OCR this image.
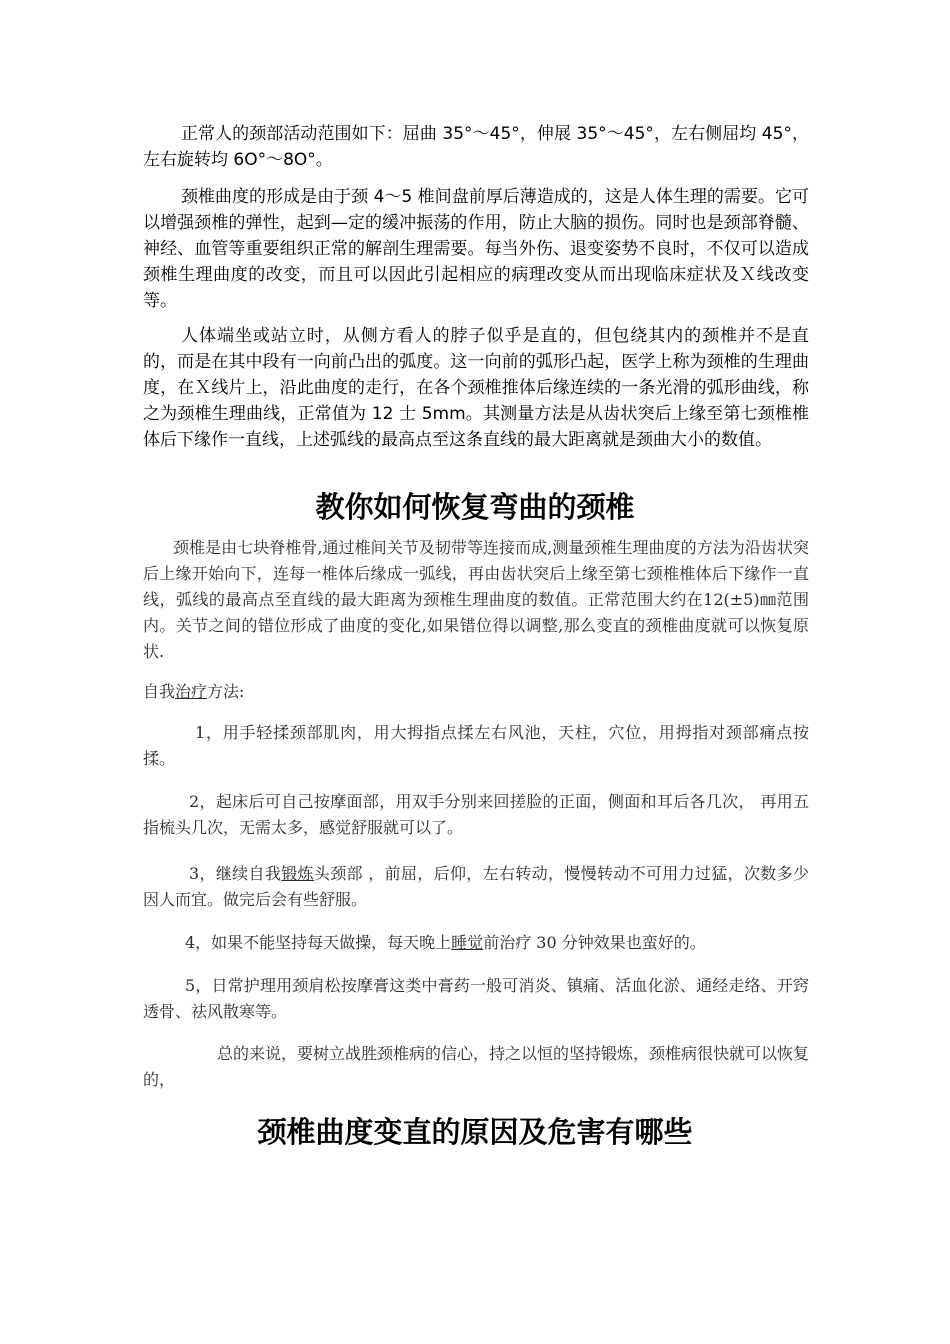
正常人的颈部活动范围如下：屈曲 35°～45°，伸展 35°～45°，左右侧屈均 45°，左右旋转均 6O°～8O°。

颈椎曲度的形成是由于颈 4～5 椎间盘前厚后薄造成的，这是人体生理的需要。它可以增强颈椎的弹性，起到—定的缓冲振荡的作用，防止大脑的损伤。同时也是颈部脊髓、神经、血管等重要组织正常的解剖生理需要。每当外伤、退变姿势不良时，不仅可以造成颈椎生理曲度的改变，而且可以因此引起相应的病理改变从而出现临床症状及Ｘ线改变等。

人体端坐或站立时，从侧方看人的脖子似乎是直的，但包绕其内的颈椎并不是直的，而是在其中段有一向前凸出的弧度。这一向前的弧形凸起，医学上称为颈椎的生理曲度，在Ｘ线片上，沿此曲度的走行，在各个颈椎推体后缘连续的一条光滑的弧形曲线，称之为颈椎生理曲线，正常值为 12 士 5mm。其测量方法是从齿状突后上缘至第七颈椎椎体后下缘作一直线，上述弧线的最高点至这条直线的最大距离就是颈曲大小的数值。

教你如何恢复弯曲的颈椎

颈椎是由七块脊椎骨,通过椎间关节及韧带等连接而成,测量颈椎生理曲度的方法为沿齿状突后上缘开始向下，连每一椎体后缘成一弧线，再由齿状突后上缘至第七颈椎椎体后下缘作一直线，弧线的最高点至直线的最大距离为颈椎生理曲度的数值。正常范围大约在12(±5)㎜范围内。关节之间的错位形成了曲度的变化,如果错位得以调整,那么变直的颈椎曲度就可以恢复原状.

自我治疗方法:

1，用手轻揉颈部肌肉，用大拇指点揉左右风池，天柱，穴位，用拇指对颈部痛点按揉。

2，起床后可自己按摩面部，用双手分别来回搓脸的正面，侧面和耳后各几次， 再用五指梳头几次，无需太多，感觉舒服就可以了。

3，继续自我锻炼头颈部 ，前屈，后仰，左右转动，慢慢转动不可用力过猛，次数多少因人而宜。做完后会有些舒服。

4，如果不能坚持每天做操，每天晚上睡觉前治疗 30 分钟效果也蛮好的。

5，日常护理用颈肩松按摩膏这类中膏药一般可消炎、镇痛、活血化淤、通经走络、开窍透骨、祛风散寒等。

总的来说，要树立战胜颈椎病的信心，持之以恒的坚持锻炼，颈椎病很快就可以恢复的，

颈椎曲度变直的原因及危害有哪些
